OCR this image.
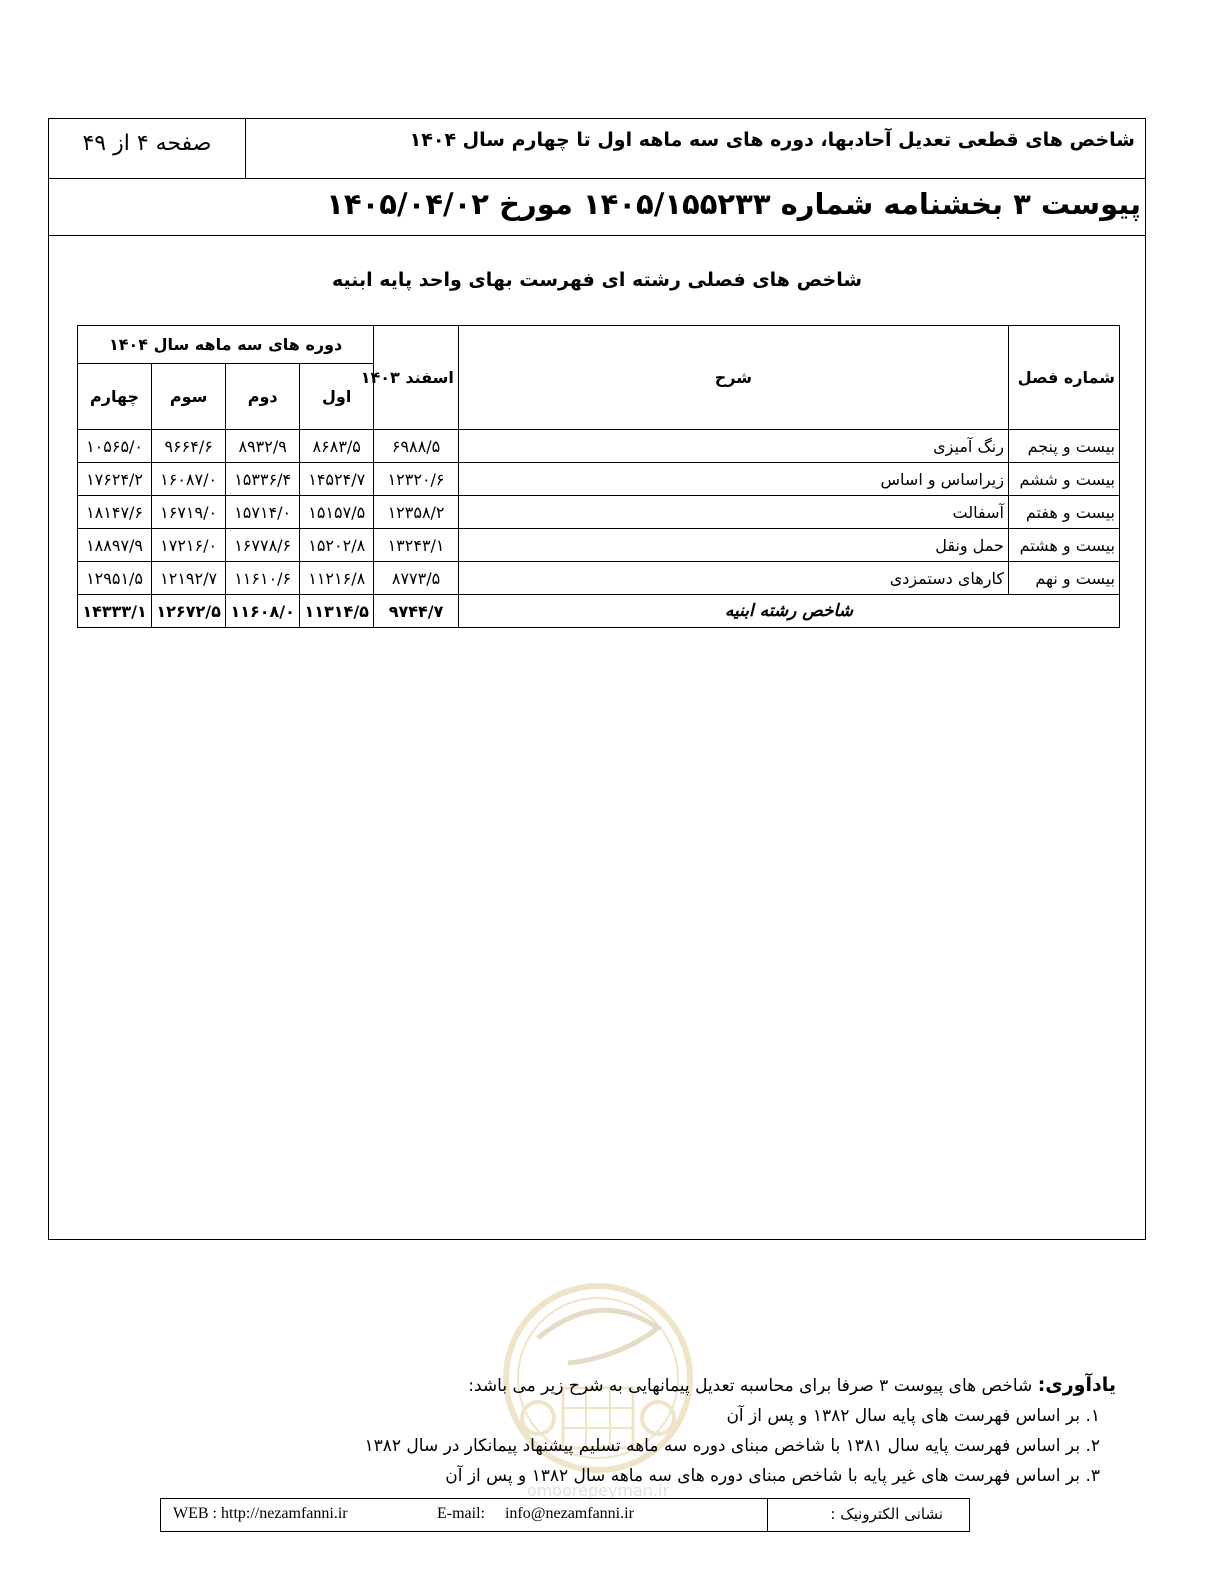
شاخص های قطعی تعدیل آحادبها، دوره های سه ماهه اول تا چهارم سال ۱۴۰۴
صفحه ۴ از ۴۹
پیوست ۳ بخشنامه شماره ۱۴۰۵/۱۵۵۲۳۳ مورخ ۱۴۰۵/۰۴/۰۲
شاخص های فصلی رشته ای فهرست بهای واحد پایه ابنیه
شماره فصل	شرح	اسفند ۱۴۰۳	دوره های سه ماهه سال ۱۴۰۴			
			اول	دوم	سوم	چهارم
بیست و پنجم	رنگ آمیزی	۶۹۸۸/۵	۸۶۸۳/۵	۸۹۳۲/۹	۹۶۶۴/۶	۱۰۵۶۵/۰
بیست و ششم	زیراساس و اساس	۱۲۳۲۰/۶	۱۴۵۲۴/۷	۱۵۳۳۶/۴	۱۶۰۸۷/۰	۱۷۶۲۴/۲
بیست و هفتم	آسفالت	۱۲۳۵۸/۲	۱۵۱۵۷/۵	۱۵۷۱۴/۰	۱۶۷۱۹/۰	۱۸۱۴۷/۶
بیست و هشتم	حمل ونقل	۱۳۲۴۳/۱	۱۵۲۰۲/۸	۱۶۷۷۸/۶	۱۷۲۱۶/۰	۱۸۸۹۷/۹
بیست و نهم	کارهای دستمزدی	۸۷۷۳/۵	۱۱۲۱۶/۸	۱۱۶۱۰/۶	۱۲۱۹۲/۷	۱۲۹۵۱/۵
شاخص رشته ابنیه		۹۷۴۴/۷	۱۱۳۱۴/۵	۱۱۶۰۸/۰	۱۲۶۷۲/۵	۱۴۳۳۳/۱
omoorepeyman.ir
یادآوری: شاخص های پیوست ۳ صرفا برای محاسبه تعدیل پیمانهایی به شرح زیر می باشد:
۱. بر اساس فهرست های پایه سال ۱۳۸۲ و پس از آن
۲. بر اساس فهرست پایه سال ۱۳۸۱ با شاخص مبنای دوره سه ماهه تسلیم پیشنهاد پیمانکار در سال ۱۳۸۲
۳. بر اساس فهرست های غیر پایه با شاخص مبنای دوره های سه ماهه سال ۱۳۸۲ و پس از آن
WEB : http://nezamfanni.ir	E-mail:     info@nezamfanni.ir	نشانی الکترونیک :
